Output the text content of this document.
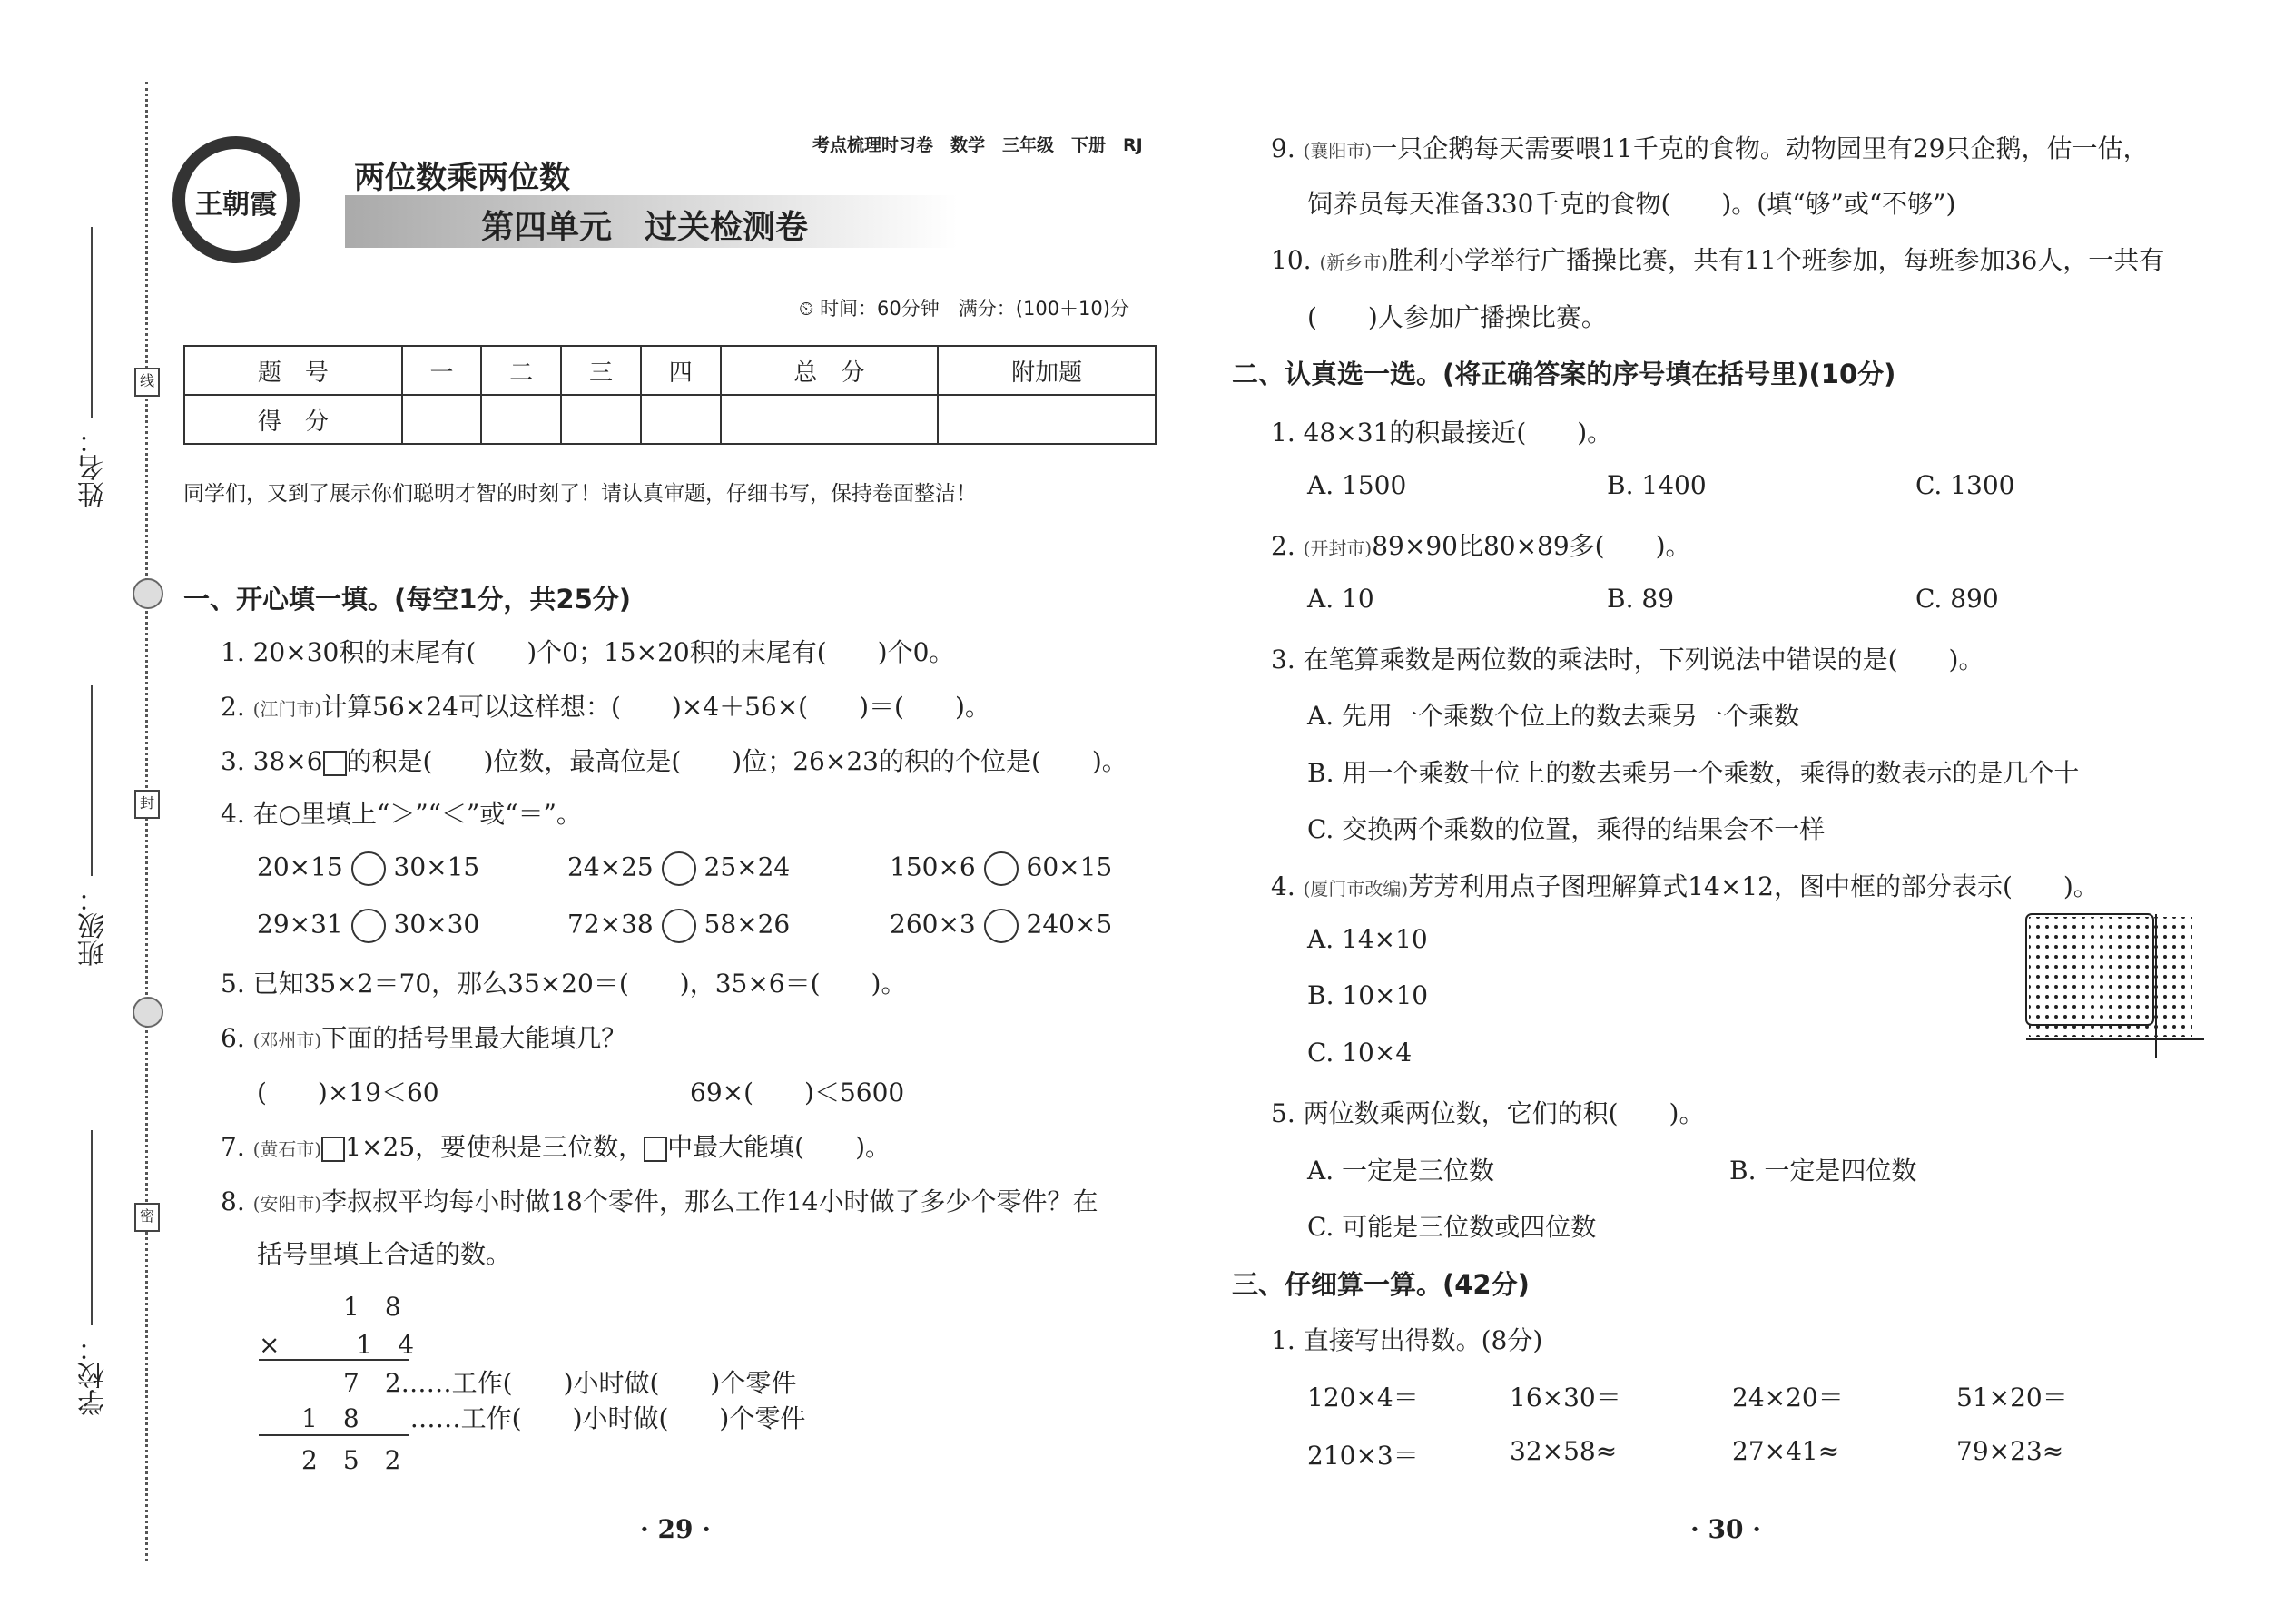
姓名：
线
班级：
封
学校：
密
王朝霞
考点梳理时习卷　数学　三年级　下册　RJ
两位数乘两位数
第四单元　过关检测卷
⏲ 时间：60分钟　满分：(100＋10)分
题　号	一	二	三	四	总　分	附加题
得　分						
同学们，又到了展示你们聪明才智的时刻了！请认真审题，仔细书写，保持卷面整洁！
一、开心填一填。(每空1分，共25分)
1. 20×30积的末尾有(　　)个0；15×20积的末尾有(　　)个0。
2. (江门市)计算56×24可以这样想：(　　)×4＋56×(　　)＝(　　)。
3. 38×6 的积是(　　)位数，最高位是(　　)位；26×23的积的个位是(　　)。
4. 在○里填上“＞”“＜”或“＝”。
20×15 30×15	24×25 25×24	150×6 60×15
29×31 30×30	72×38 58×26	260×3 240×5
5. 已知35×2＝70，那么35×20＝(　　)，35×6＝(　　)。
6. (邓州市)下面的括号里最大能填几？
(　　)×19＜60	69×(　　)＜5600
7. (黄石市) 1×25，要使积是三位数， 中最大能填(　　)。
8. (安阳市)李叔叔平均每小时做18个零件，那么工作14小时做了多少个零件？在
括号里填上合适的数。
1　8
×　　　1　4
7　2……工作(　　)小时做(　　)个零件
1　8　　 ……工作(　　)小时做(　　)个零件
2　5　2
· 29 ·
9. (襄阳市)一只企鹅每天需要喂11千克的食物。动物园里有29只企鹅，估一估，
饲养员每天准备330千克的食物(　　)。(填“够”或“不够”)
10. (新乡市)胜利小学举行广播操比赛，共有11个班参加，每班参加36人，一共有
(　　)人参加广播操比赛。
二、认真选一选。(将正确答案的序号填在括号里)(10分)
1. 48×31的积最接近(　　)。
A. 1500	B. 1400	C. 1300
2. (开封市)89×90比80×89多(　　)。
A. 10	B. 89	C. 890
3. 在笔算乘数是两位数的乘法时，下列说法中错误的是(　　)。
A. 先用一个乘数个位上的数去乘另一个乘数
B. 用一个乘数十位上的数去乘另一个乘数，乘得的数表示的是几个十
C. 交换两个乘数的位置，乘得的结果会不一样
4. (厦门市改编)芳芳利用点子图理解算式14×12，图中框的部分表示(　　)。
A. 14×10
B. 10×10
C. 10×4
5. 两位数乘两位数，它们的积(　　)。
A. 一定是三位数	B. 一定是四位数
C. 可能是三位数或四位数
三、仔细算一算。(42分)
1. 直接写出得数。(8分)
120×4＝	16×30＝	24×20＝	51×20＝
210×3＝	32×58≈	27×41≈	79×23≈
· 30 ·
